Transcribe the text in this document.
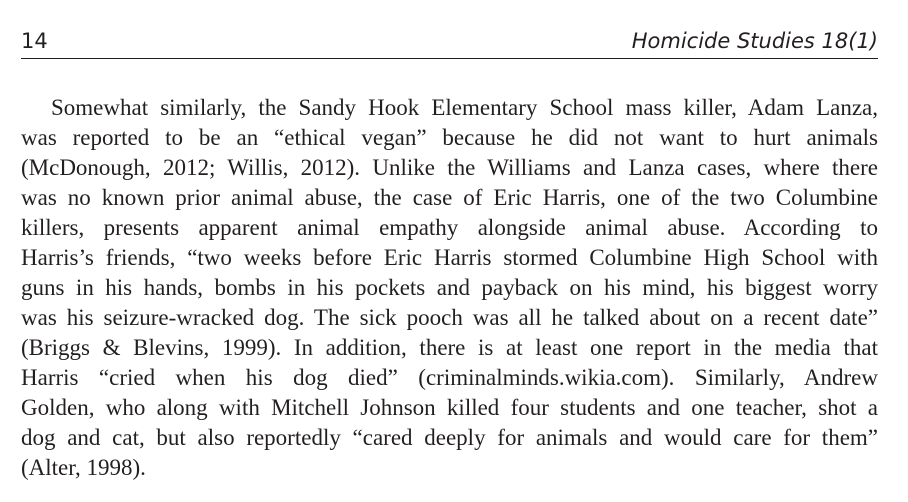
14	Homicide Studies 18(1)
Somewhat similarly, the Sandy Hook Elementary School mass killer, Adam Lanza,
was reported to be an “ethical vegan” because he did not want to hurt animals
(McDonough, 2012; Willis, 2012). Unlike the Williams and Lanza cases, where there
was no known prior animal abuse, the case of Eric Harris, one of the two Columbine
killers, presents apparent animal empathy alongside animal abuse. According to
Harris’s friends, “two weeks before Eric Harris stormed Columbine High School with
guns in his hands, bombs in his pockets and payback on his mind, his biggest worry
was his seizure-wracked dog. The sick pooch was all he talked about on a recent date”
(Briggs & Blevins, 1999). In addition, there is at least one report in the media that
Harris “cried when his dog died” (criminalminds.wikia.com). Similarly, Andrew
Golden, who along with Mitchell Johnson killed four students and one teacher, shot a
dog and cat, but also reportedly “cared deeply for animals and would care for them”
(Alter, 1998).
